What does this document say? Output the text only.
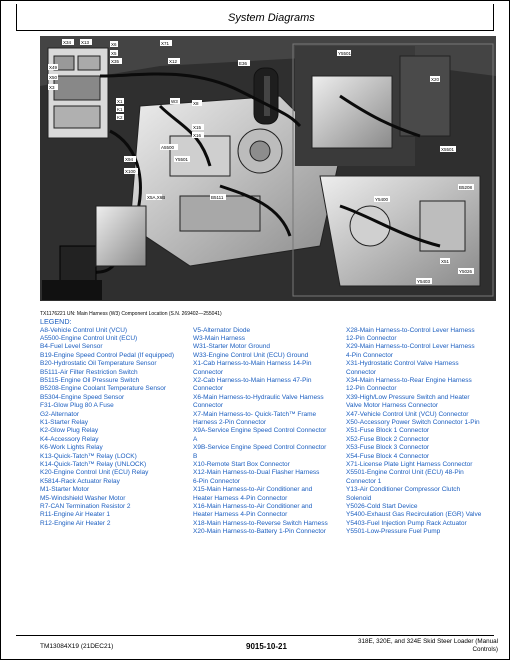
System Diagrams
X34 X13	X6
X5
X35
X49
X50
X3
X1
K1
K2
X71
X12	E36
W3	X8
X15
X16
A5500
X94
X100
Y5501
X5A,X6B	B5111
Y5501
X20
X5501
B5208
Y5400
X51
Y5403
Y5026
TX1176221 UN: Main Harness (W3) Component Location (S.N. 269402—255041)
LEGEND:
A8-Vehicle Control Unit (VCU)
A5500-Engine Control Unit (ECU)
B4-Fuel Level Sensor
B19-Engine Speed Control Pedal (If equipped)
B20-Hydrostatic Oil Temperature Sensor
B5111-Air Filter Restriction Switch
B5115-Engine Oil Pressure Switch
B5208-Engine Coolant Temperature Sensor
B5304-Engine Speed Sensor
F31-Glow Plug 80 A Fuse
G2-Alternator
K1-Starter Relay
K2-Glow Plug Relay
K4-Accessory Relay
K6-Work Lights Relay
K13-Quick-Tatch™ Relay (LOCK)
K14-Quick-Tatch™ Relay (UNLOCK)
K20-Engine Control Unit (ECU) Relay
K5814-Rack Actuator Relay
M1-Starter Motor
M5-Windshield Washer Motor
R7-CAN Termination Resistor 2
R11-Engine Air Heater 1
R12-Engine Air Heater 2
V5-Alternator Diode
W3-Main Harness
W31-Starter Motor Ground
W33-Engine Control Unit (ECU) Ground
X1-Cab Harness-to-Main Harness 14-Pin
Connector
X2-Cab Harness-to-Main Harness 47-Pin
Connector
X6-Main Harness-to-Hydraulic Valve Harness
Connector
X7-Main Harness-to- Quick-Tatch™ Frame
Harness 2-Pin Connector
X9A-Service Engine Speed Control Connector
A
X9B-Service Engine Speed Control Connector
B
X10-Remote Start Box Connector
X12-Main Harness-to-Dual Flasher Harness
6-Pin Connector
X15-Main Harness-to-Air Conditioner and
Heater Harness 4-Pin Connector
X16-Main Harness-to-Air Conditioner and
Heater Harness 4-Pin Connector
X18-Main Harness-to-Reverse Switch Harness
X20-Main Harness-to-Battery 1-Pin Connector
X28-Main Harness-to-Control Lever Harness
12-Pin Connector
X29-Main Harness-to-Control Lever Harness
4-Pin Connector
X31-Hydrostatic Control Valve Harness
Connector
X34-Main Harness-to-Rear Engine Harness
12-Pin Connector
X39-High/Low Pressure Switch and Heater
Valve Motor Harness Connector
X47-Vehicle Control Unit (VCU) Connector
X50-Accessory Power Switch Connector 1-Pin
X51-Fuse Block 1 Connector
X52-Fuse Block 2 Connector
X53-Fuse Block 3 Connector
X54-Fuse Block 4 Connector
X71-License Plate Light Harness Connector
X5501-Engine Control Unit (ECU) 48-Pin
Connector 1
Y13-Air Conditioner Compressor Clutch
Solenoid
Y5026-Cold Start Device
Y5400-Exhaust Gas Recirculation (EGR) Valve
Y5403-Fuel Injection Pump Rack Actuator
Y5501-Low-Pressure Fuel Pump
TM13084X19 (21DEC21)	9015-10-21
318E, 320E, and 324E Skid Steer Loader (Manual
Controls)
